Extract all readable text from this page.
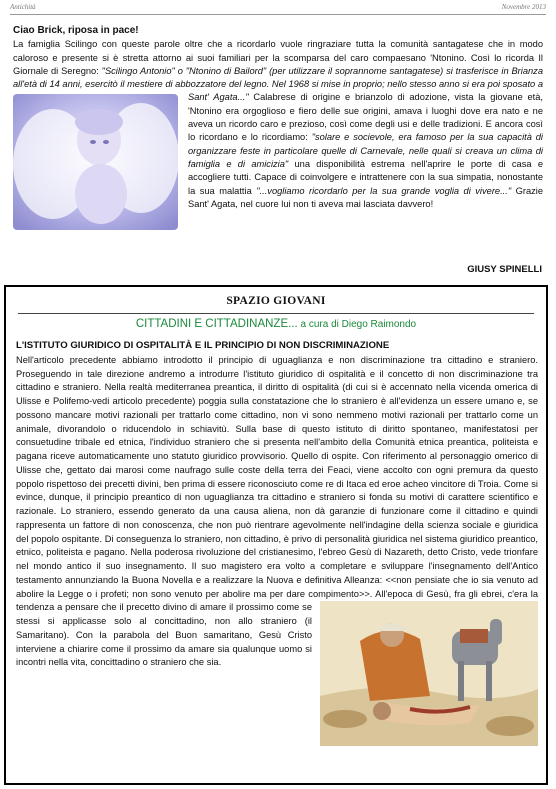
Antichità	Novembre 2013

Ciao Brick, riposa in pace!

La famiglia Scilingo con queste parole oltre che a ricordarlo vuole ringraziare tutta la comunità santagatese che in modo caloroso e presente si è stretta attorno ai suoi familiari per la scomparsa del caro compaesano 'Ntonino. Così lo ricorda Il Giornale di Seregno: "Scilingo Antonio" o "Ntonino di Bailord" (per utilizzare il soprannome santagatese) si trasferisce in Brianza all'età di 14 anni, esercitò il mestiere di abbozzatore del legno. Nel 1968 si mise in proprio; nello stesso anno si era poi sposato a Sant' Agata..."
Calabrese di origine e brianzolo di adozione, vista la giovane età, 'Ntonino era orgoglioso e fiero delle sue origini, amava i luoghi dove era nato e ne aveva un ricordo caro e prezioso, così come degli usi e delle tradizioni. E ancora così lo ricordano e lo ricordiamo: "solare e socievole, era famoso per la sua capacità di organizzare feste in particolare quelle di Carnevale, nelle quali si creava un clima di famiglia e di amicizia" una disponibilità estrema nell'aprire le porte di casa e accogliere tutti. Capace di coinvolgere e intrattenere con la sua simpatia, nonostante la sua malattia "...vogliamo ricordarlo per la sua grande voglia di vivere..." Grazie Sant' Agata, nel cuore lui non ti aveva mai lasciata davvero!

GIUSY SPINELLI
SPAZIO GIOVANI
CITTADINI E CITTADINANZE... a cura di Diego Raimondo

L'ISTITUTO GIURIDICO DI OSPITALITÀ E IL PRINCIPIO DI NON DISCRIMINAZIONE

Nell'articolo precedente abbiamo introdotto il principio di uguaglianza e non discriminazione tra cittadino e straniero. Proseguendo in tale direzione andremo a introdurre l'istituto giuridico di ospitalità e il concetto di non discriminazione tra cittadino e straniero. Nella realtà mediterranea preantica, il diritto di ospitalità (di cui si è accennato nella vicenda omerica di Ulisse e Polifemo-vedi articolo precedente) poggia sulla constatazione che lo straniero è all'evidenza un essere umano e, se possono mancare motivi razionali per trattarlo come cittadino, non vi sono nemmeno motivi razionali per trattarlo come un animale, divorandolo o riducendolo in schiavitù. Sulla base di questo istituto di diritto spontaneo, manifestatosi per consuetudine tribale ed etnica, l'individuo straniero che si presenta nell'ambito della Comunità etnica preantica, politeista e pagana riceve automaticamente uno statuto giuridico provvisorio. Quello di ospite. Con riferimento al personaggio omerico di Ulisse che, gettato dai marosi come naufrago sulle coste della terra dei Feaci, viene accolto con ogni premura da questo popolo rispettoso dei precetti divini, ben prima di essere riconosciuto come re di Itaca ed eroe acheo vincitore di Troia. Come si evince, dunque, il principio preantico di non uguaglianza tra cittadino e straniero si fonda su motivi di carattere scientifico e razionale. Lo straniero, essendo generato da una causa aliena, non dà garanzie di funzionare come il cittadino e quindi rappresenta un fattore di non conoscenza, che non può rientrare agevolmente nell'indagine della scienza sociale e giuridica del popolo ospitante. Di conseguenza lo straniero, non cittadino, è privo di personalità giuridica nel sistema giuridico preantico, etnico, politeista e pagano. Nella poderosa rivoluzione del cristianesimo, l'ebreo Gesù di Nazareth, detto Cristo, vede trionfare nel mondo antico il suo insegnamento. Il suo magistero era volto a completare e sviluppare l'insegnamento dell'Antico testamento annunziando la Buona Novella e a realizzare la Nuova e definitiva Alleanza: <<non pensiate che io sia venuto ad abolire la Legge o i profeti; non sono venuto per abolire ma per dare compimento>>. All'epoca
di Gesù, fra gli ebrei, c'era la tendenza a pensare che il precetto divino di amare il prossimo come se stessi si applicasse solo al concittadino, non allo straniero (il Samaritano). Con la parabola del Buon samaritano, Gesù Cristo interviene a chiarire come il prossimo da amare sia qualunque uomo si incontri nella vita, concittadino o straniero che sia.
